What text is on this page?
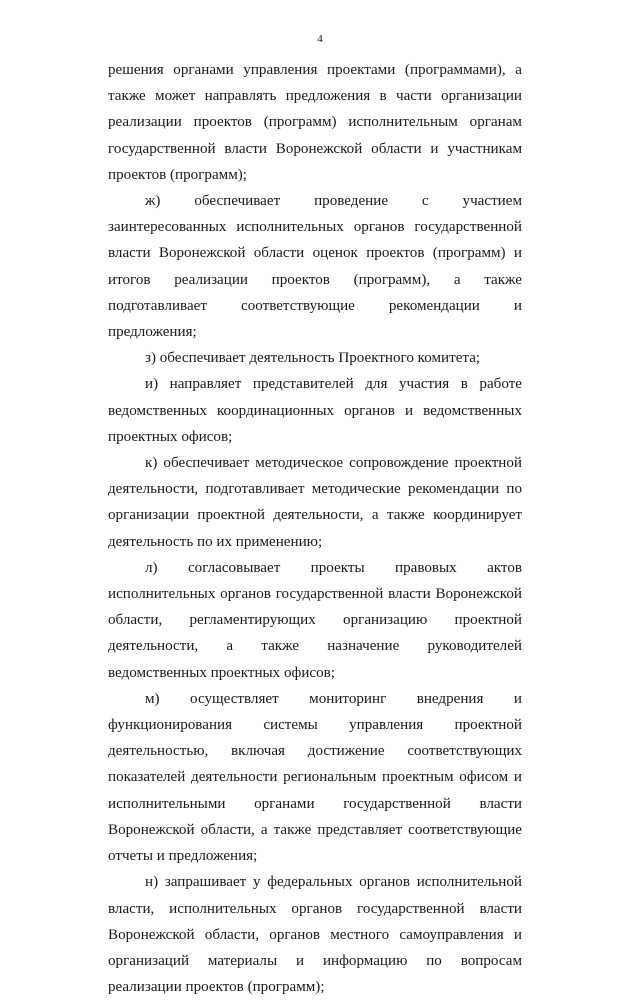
4

решения органами управления проектами (программами), а также может направлять предложения в части организации реализации проектов (программ) исполнительным органам государственной власти Воронежской области и участникам проектов (программ);

ж) обеспечивает проведение с участием заинтересованных исполнительных органов государственной власти Воронежской области оценок проектов (программ) и итогов реализации проектов (программ), а также подготавливает соответствующие рекомендации и предложения;

з) обеспечивает деятельность Проектного комитета;

и) направляет представителей для участия в работе ведомственных координационных органов и ведомственных проектных офисов;

к) обеспечивает методическое сопровождение проектной деятельности, подготавливает методические рекомендации по организации проектной деятельности, а также координирует деятельность по их применению;

л) согласовывает проекты правовых актов исполнительных органов государственной власти Воронежской области, регламентирующих организацию проектной деятельности, а также назначение руководителей ведомственных проектных офисов;

м) осуществляет мониторинг внедрения и функционирования системы управления проектной деятельностью, включая достижение соответствующих показателей деятельности региональным проектным офисом и исполнительными органами государственной власти Воронежской области, а также представляет соответствующие отчеты и предложения;

н) запрашивает у федеральных органов исполнительной власти, исполнительных органов государственной власти Воронежской области, органов местного самоуправления и организаций материалы и информацию по вопросам реализации проектов (программ);
